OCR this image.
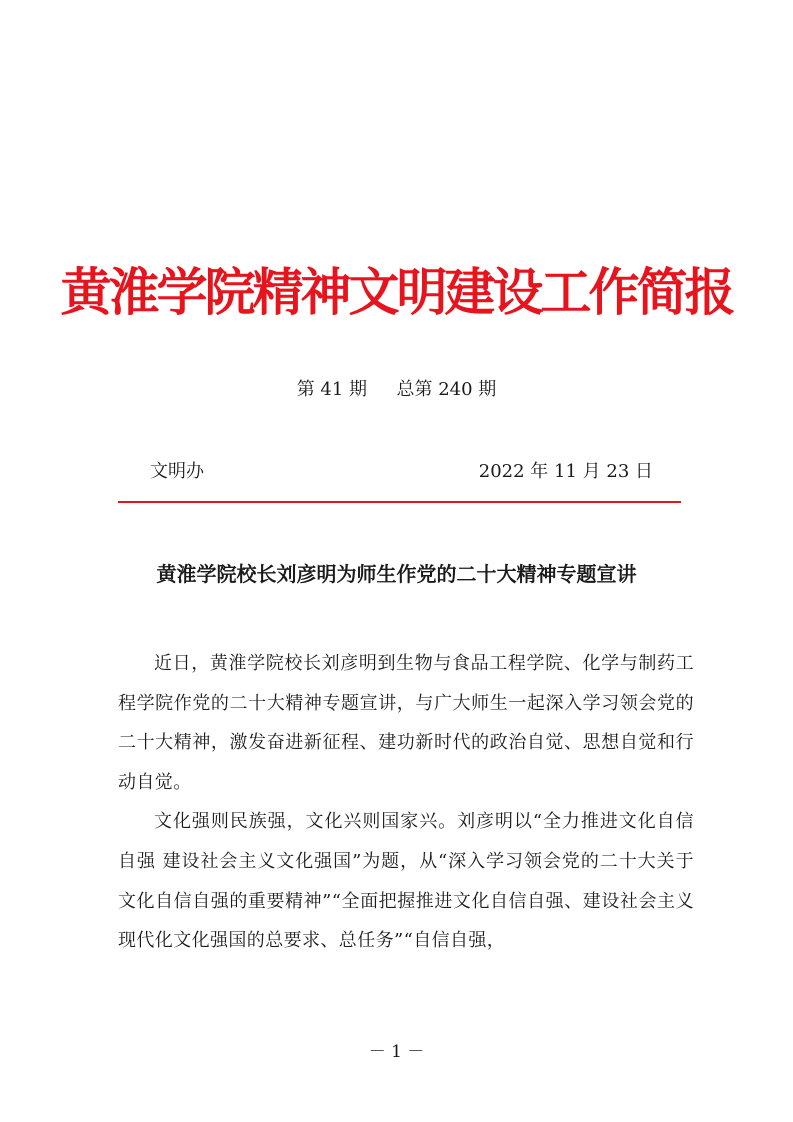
黄淮学院精神文明建设工作简报
第 41 期　  总第 240 期
文明办	2022 年 11 月 23 日
黄淮学院校长刘彦明为师生作党的二十大精神专题宣讲

近日，黄淮学院校长刘彦明到生物与食品工程学院、化学与制药工程学院作党的二十大精神专题宣讲，与广大师生一起深入学习领会党的二十大精神，激发奋进新征程、建功新时代的政治自觉、思想自觉和行动自觉。

文化强则民族强，文化兴则国家兴。刘彦明以“全力推进文化自信自强 建设社会主义文化强国”为题，从“深入学习领会党的二十大关于文化自信自强的重要精神”“全面把握推进文化自信自强、建设社会主义现代化文化强国的总要求、总任务”“自信自强，

－ 1 －
